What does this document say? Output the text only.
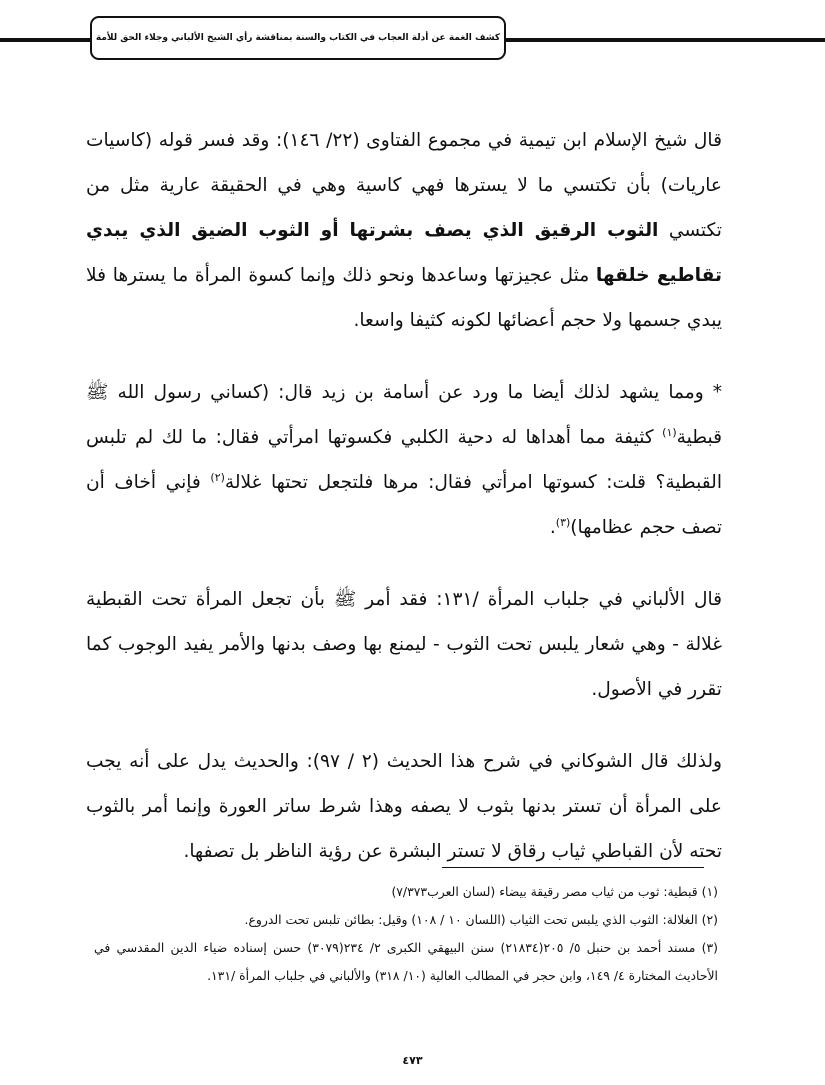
كشف الغمة عن أدلة العجاب في الكتاب والسنة بمناقشة رأي الشيخ الألباني وجلاء الحق للأمة

قال شيخ الإسلام ابن تيمية في مجموع الفتاوى (٢٢/ ١٤٦): وقد فسر قوله (كاسيات عاريات) بأن تكتسي ما لا يسترها فهي كاسية وهي في الحقيقة عارية مثل من تكتسي الثوب الرقيق الذي يصف بشرتها أو الثوب الضيق الذي يبدي تقاطيع خلقها مثل عجيزتها وساعدها ونحو ذلك وإنما كسوة المرأة ما يسترها فلا يبدي جسمها ولا حجم أعضائها لكونه كثيفا واسعا.

* ومما يشهد لذلك أيضا ما ورد عن أسامة بن زيد قال: (كساني رسول الله ﷺ قبطية$^{(١)}$ كثيفة مما أهداها له دحية الكلبي فكسوتها امرأتي فقال: ما لك لم تلبس القبطية؟ قلت: كسوتها امرأتي فقال: مرها فلتجعل تحتها غلالة$^{(٢)}$ فإني أخاف أن تصف حجم عظامها)$^{(٣)}$.

قال الألباني في جلباب المرأة /١٣١: فقد أمر ﷺ بأن تجعل المرأة تحت القبطية غلالة - وهي شعار يلبس تحت الثوب - ليمنع بها وصف بدنها والأمر يفيد الوجوب كما تقرر في الأصول.

ولذلك قال الشوكاني في شرح هذا الحديث (٢ / ٩٧): والحديث يدل على أنه يجب على المرأة أن تستر بدنها بثوب لا يصفه وهذا شرط ساتر العورة وإنما أمر بالثوب تحته لأن القباطي ثياب رقاق لا تستر البشرة عن رؤية الناظر بل تصفها.

(١) قبطية: ثوب من ثياب مصر رقيقة بيضاء (لسان العرب٧/٣٧٣)

(٢) الغلالة: الثوب الذي يلبس تحت الثياب (اللسان ١٠ / ١٠٨) وقيل: بطائن تلبس تحت الدروع.

(٣) مسند أحمد بن حنبل ٥/ ٢٠٥(٢١٨٣٤) سنن البيهقي الكبرى ٢/ ٢٣٤(٣٠٧٩) حسن إسناده ضياء الدين المقدسي في الأحاديث المختارة ٤/ ١٤٩، وابن حجر في المطالب العالية (١٠/ ٣١٨) والألباني في جلباب المرأة /١٣١.

٤٧٣
